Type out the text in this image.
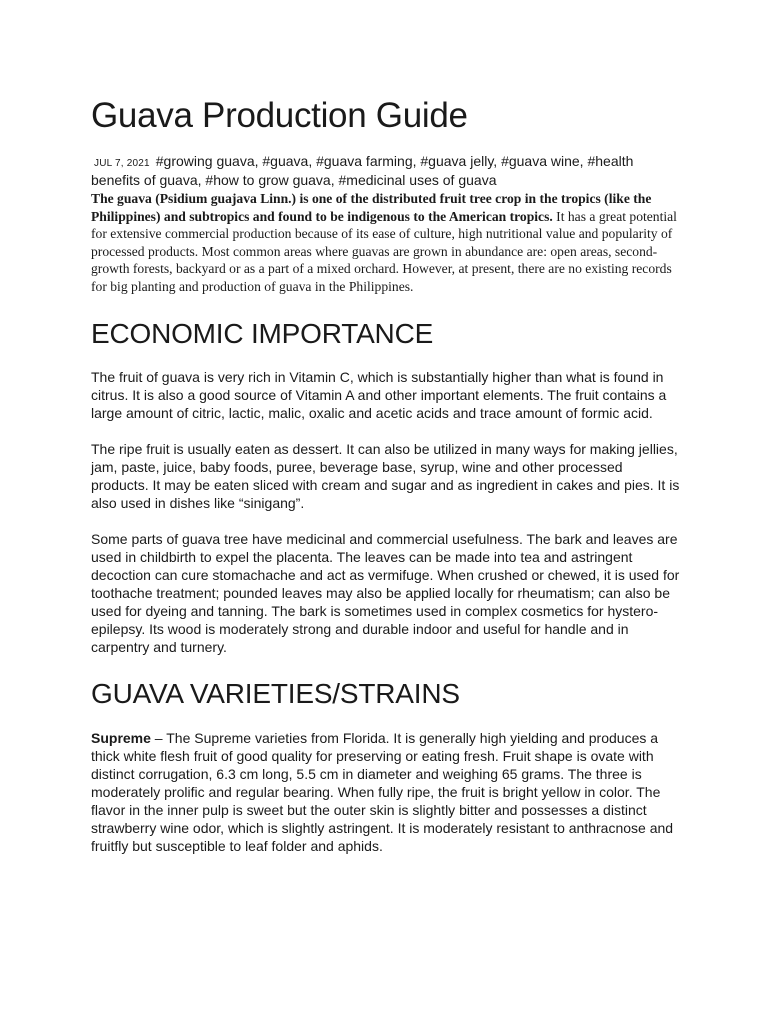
Guava Production Guide
JUL 7, 2021 #growing guava, #guava, #guava farming, #guava jelly, #guava wine, #health benefits of guava, #how to grow guava, #medicinal uses of guava

The guava (Psidium guajava Linn.) is one of the distributed fruit tree crop in the tropics (like the Philippines) and subtropics and found to be indigenous to the American tropics. It has a great potential for extensive commercial production because of its ease of culture, high nutritional value and popularity of processed products. Most common areas where guavas are grown in abundance are: open areas, second-growth forests, backyard or as a part of a mixed orchard. However, at present, there are no existing records for big planting and production of guava in the Philippines.

ECONOMIC IMPORTANCE

The fruit of guava is very rich in Vitamin C, which is substantially higher than what is found in citrus. It is also a good source of Vitamin A and other important elements. The fruit contains a large amount of citric, lactic, malic, oxalic and acetic acids and trace amount of formic acid.

The ripe fruit is usually eaten as dessert. It can also be utilized in many ways for making jellies, jam, paste, juice, baby foods, puree, beverage base, syrup, wine and other processed products. It may be eaten sliced with cream and sugar and as ingredient in cakes and pies. It is also used in dishes like “sinigang”.

Some parts of guava tree have medicinal and commercial usefulness. The bark and leaves are used in childbirth to expel the placenta. The leaves can be made into tea and astringent decoction can cure stomachache and act as vermifuge. When crushed or chewed, it is used for toothache treatment; pounded leaves may also be applied locally for rheumatism; can also be used for dyeing and tanning. The bark is sometimes used in complex cosmetics for hystero-epilepsy. Its wood is moderately strong and durable indoor and useful for handle and in carpentry and turnery.

GUAVA VARIETIES/STRAINS

Supreme – The Supreme varieties from Florida. It is generally high yielding and produces a thick white flesh fruit of good quality for preserving or eating fresh. Fruit shape is ovate with distinct corrugation, 6.3 cm long, 5.5 cm in diameter and weighing 65 grams. The three is moderately prolific and regular bearing. When fully ripe, the fruit is bright yellow in color. The flavor in the inner pulp is sweet but the outer skin is slightly bitter and possesses a distinct strawberry wine odor, which is slightly astringent. It is moderately resistant to anthracnose and fruitfly but susceptible to leaf folder and aphids.
